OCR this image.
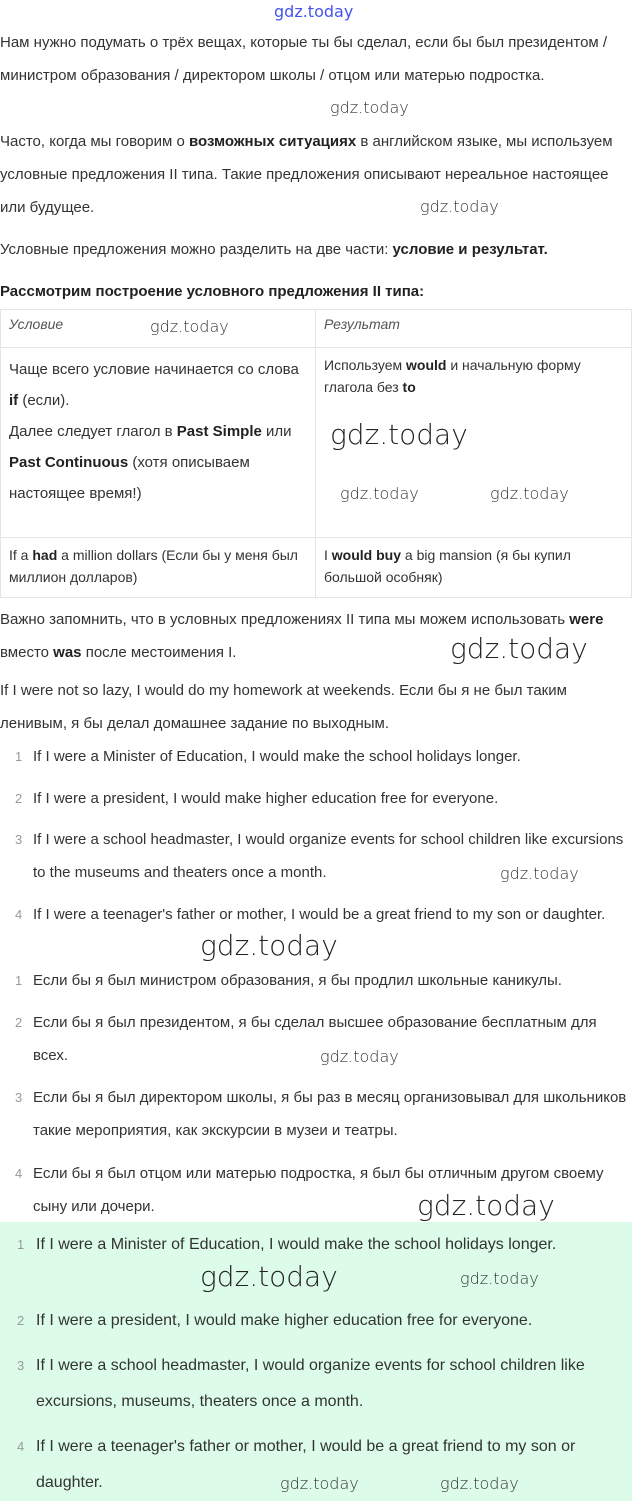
gdz.today

Нам нужно подумать о трёх вещах, которые ты бы сделал, если бы был президентом / министром образования / директором школы / отцом или матерью подростка.

Часто, когда мы говорим о возможных ситуациях в английском языке, мы используем условные предложения II типа. Такие предложения описывают нереальное настоящее или будущее.

Условные предложения можно разделить на две части: условие и результат.

Рассмотрим построение условного предложения II типа:

Условие	Результат

Чаще всего условие начинается со слова if (если).
Далее следует глагол в Past Simple или Past Continuous (хотя описываем настоящее время!)	Используем would и начальную форму глагола без to
If a had a million dollars (Если бы у меня был миллион долларов)	I would buy a big mansion (я бы купил большой особняк)

Важно запомнить, что в условных предложениях II типа мы можем использовать were вместо was после местоимения I.

If I were not so lazy, I would do my homework at weekends. Если бы я не был таким ленивым, я бы делал домашнее задание по выходным.

1 If I were a Minister of Education, I would make the school holidays longer.
2 If I were a president, I would make higher education free for everyone.
3 If I were a school headmaster, I would organize events for school children like excursions to the museums and theaters once a month.
4 If I were a teenager's father or mother, I would be a great friend to my son or daughter.
1 Если бы я был министром образования, я бы продлил школьные каникулы.
2 Если бы я был президентом, я бы сделал высшее образование бесплатным для всех.
3 Если бы я был директором школы, я бы раз в месяц организовывал для школьников такие мероприятия, как экскурсии в музеи и театры.
4 Если бы я был отцом или матерью подростка, я был бы отличным другом своему сыну или дочери.
1 If I were a Minister of Education, I would make the school holidays longer.
2 If I were a president, I would make higher education free for everyone.
3 If I were a school headmaster, I would organize events for school children like excursions, museums, theaters once a month.
4 If I were a teenager's father or mother, I would be a great friend to my son or daughter.
gdz.today
gdz.today
gdz.today
gdz.today
gdz.today	gdz.today
gdz.today
gdz.today
gdz.today
gdz.today
gdz.today
gdz.today	gdz.today
gdz.today	gdz.today
